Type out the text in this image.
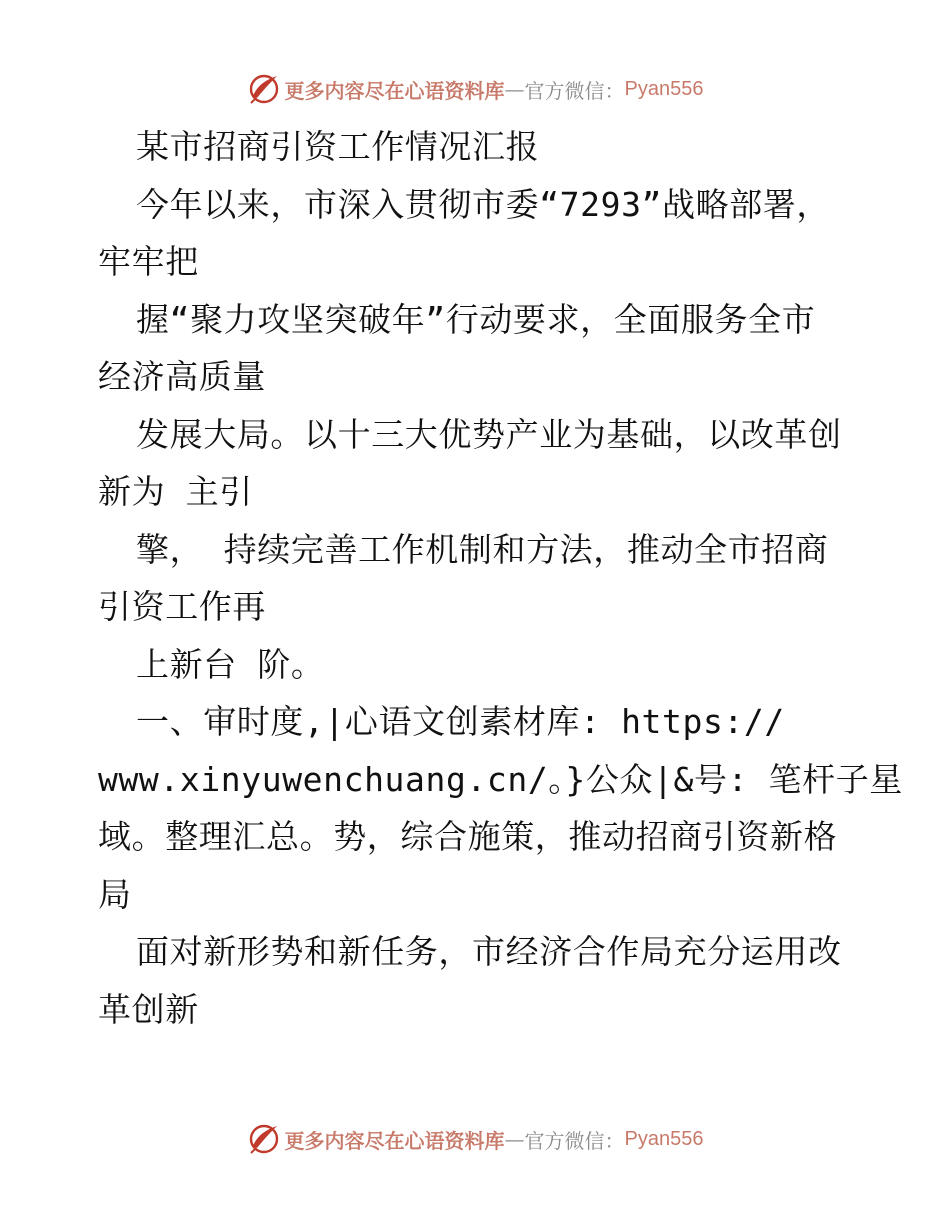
更多内容尽在心语资料库 — 官方微信： Pyan556
某市招商引资工作情况汇报
今年以来，市深入贯彻市委“7293”战略部署，
牢牢把
握“聚力攻坚突破年”行动要求，全面服务全市
经济高质量
发展大局。以十三大优势产业为基础，以改革创
新为 主引
擎， 持续完善工作机制和方法，推动全市招商
引资工作再
上新台 阶。
一、审时度,|心语文创素材库: https://
www.xinyuwenchuang.cn/。}公众|&号: 笔杆子星
域。整理汇总。势，综合施策，推动招商引资新格
局
面对新形势和新任务，市经济合作局充分运用改
革创新
更多内容尽在心语资料库 — 官方微信： Pyan556
